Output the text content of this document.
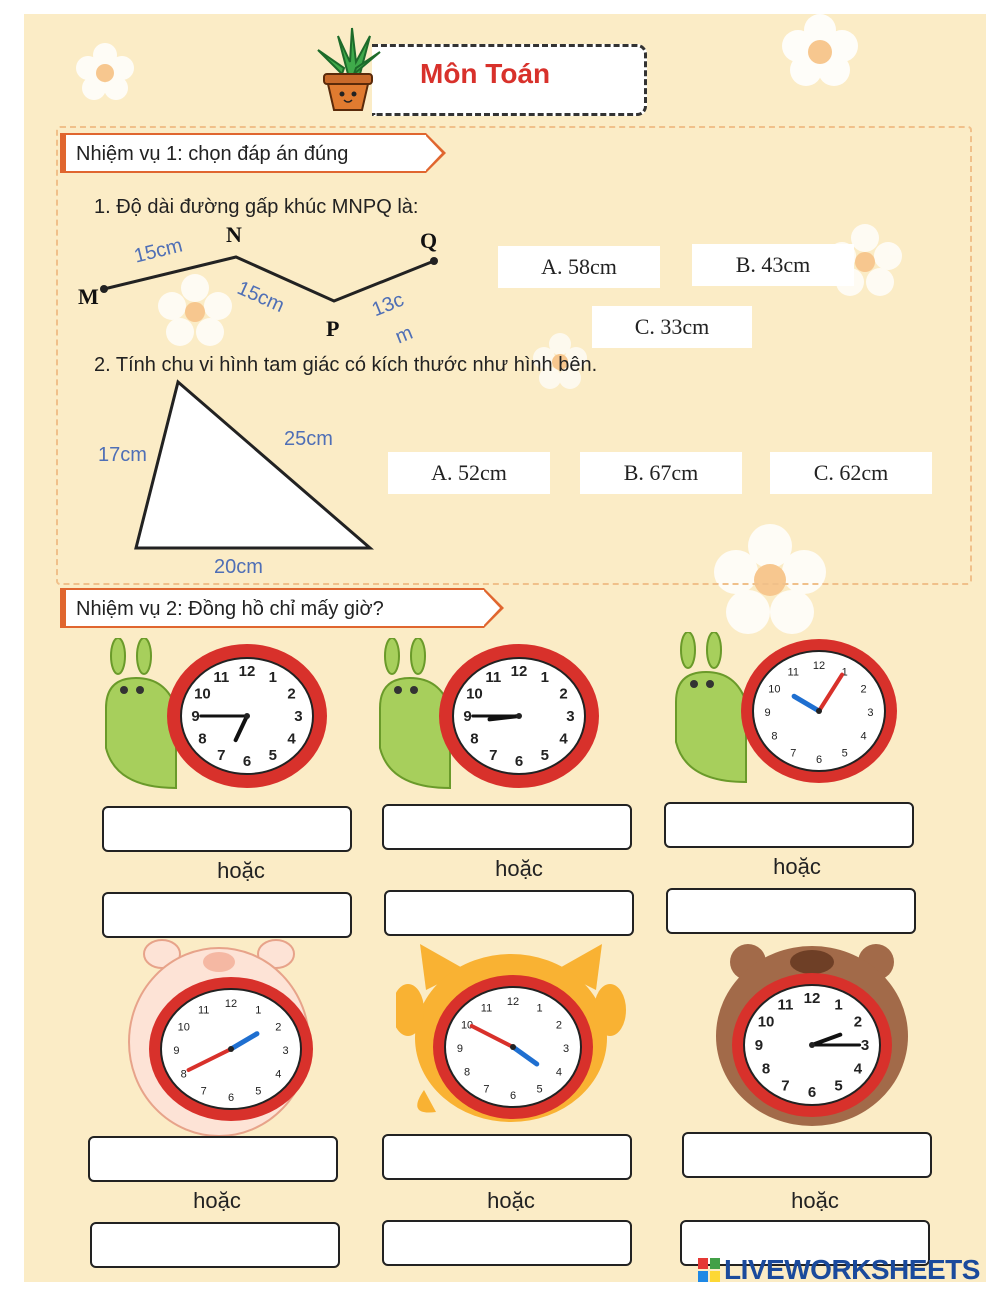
Môn Toán
Nhiệm vụ 1: chọn đáp án đúng
1. Độ dài đường gấp khúc MNPQ là:
M
N
P
Q
15cm
15cm	13c
m
A. 58cm	B. 43cm
C. 33cm
2. Tính chu vi hình tam giác có kích thước như hình bên.
17cm
25cm
20cm
A. 52cm	B. 67cm	C. 62cm
Nhiệm vụ 2: Đồng hồ chỉ mấy giờ?
1
2
3
4
5
6
7
8
9
10
11 12	1
2
3
4
5
6
7
8
9
10
11 12	1
2
3
4
5
6
7
8
9
10
11
12
1
2
3
4
5
6
7
8
9
10
11
12	1
2
3
4
5
6
7
8
9
10
11
12	1
2
3
4
5
6
7
8
9
10
11 12
hoặc	hoặc	hoặc
hoặc	hoặc	hoặc
LIVEWORKSHEETS
